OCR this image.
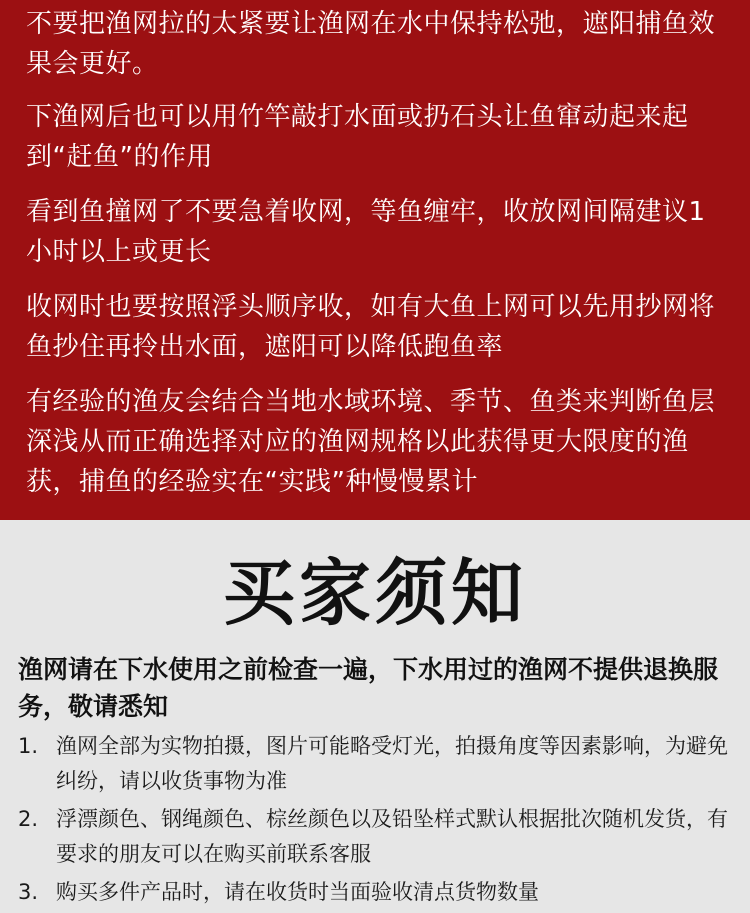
不要把渔网拉的太紧要让渔网在水中保持松弛，遮阳捕鱼效果会更好。

下渔网后也可以用竹竿敲打水面或扔石头让鱼窜动起来起到“赶鱼”的作用

看到鱼撞网了不要急着收网，等鱼缠牢，收放网间隔建议1小时以上或更长

收网时也要按照浮头顺序收，如有大鱼上网可以先用抄网将鱼抄住再拎出水面，遮阳可以降低跑鱼率

有经验的渔友会结合当地水域环境、季节、鱼类来判断鱼层深浅从而正确选择对应的渔网规格以此获得更大限度的渔获，捕鱼的经验实在“实践”种慢慢累计

买家须知

渔网请在下水使用之前检查一遍，下水用过的渔网不提供退换服务，敬请悉知

1. 渔网全部为实物拍摄，图片可能略受灯光，拍摄角度等因素影响，为避免纠纷，请以收货事物为准
2. 浮漂颜色、钢绳颜色、棕丝颜色以及铅坠样式默认根据批次随机发货，有要求的朋友可以在购买前联系客服
3. 购买多件产品时，请在收货时当面验收清点货物数量
